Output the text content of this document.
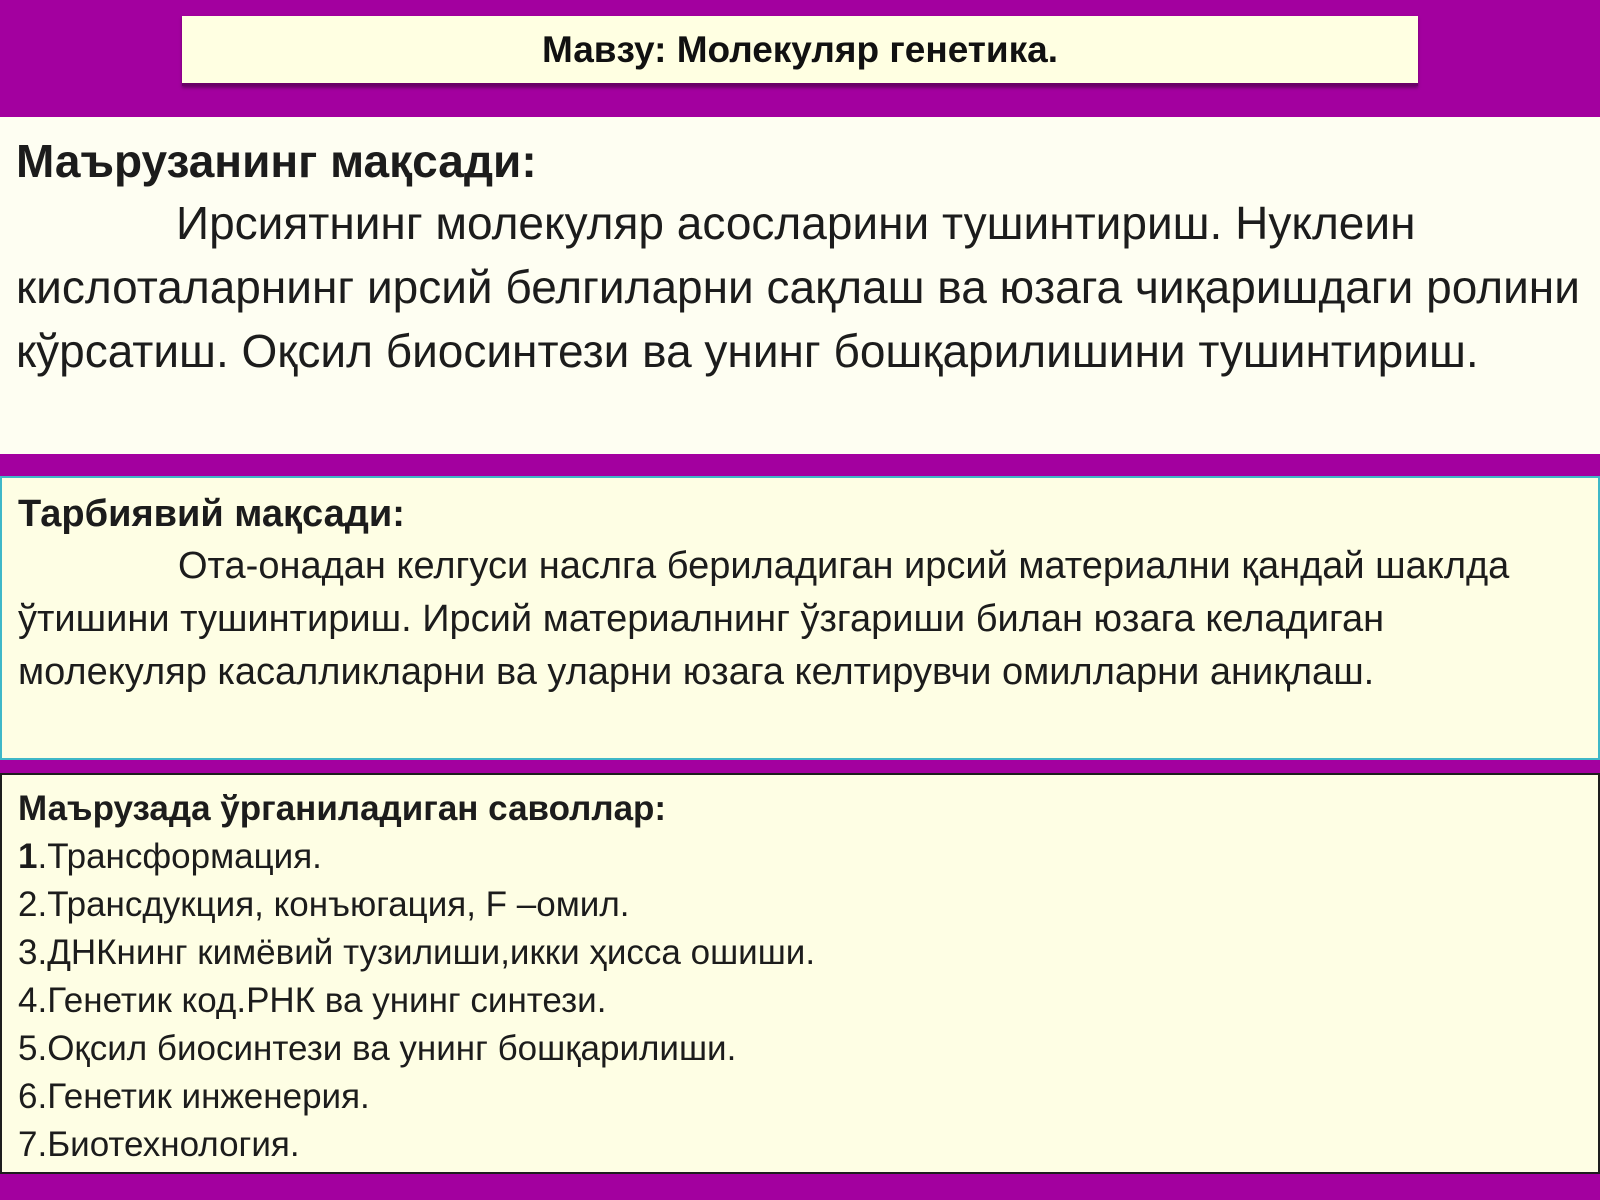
Мавзу: Молекуляр генетика.

Маърузанинг мақсади:

Ирсиятнинг молекуляр асосларини тушинтириш. Нуклеин кислоталарнинг ирсий белгиларни сақлаш ва юзага чиқаришдаги ролини кўрсатиш. Оқсил биосинтези ва унинг бошқарилишини тушинтириш.

Тарбиявий мақсади:

Ота-онадан келгуси наслга бериладиган ирсий материални қандай шаклда ўтишини тушинтириш. Ирсий материалнинг ўзгариши билан юзага келадиган молекуляр касалликларни ва уларни юзага келтирувчи омилларни аниқлаш.

Маърузада ўрганиладиган саволлар:

1.Трансформация.
2.Трансдукция, конъюгация, F –омил.
3.ДНКнинг кимёвий тузилиши,икки ҳисса ошиши.
4.Генетик код.РНК ва унинг синтези.
5.Оқсил биосинтези ва унинг бошқарилиши.
6.Генетик инженерия.
7.Биотехнология.
